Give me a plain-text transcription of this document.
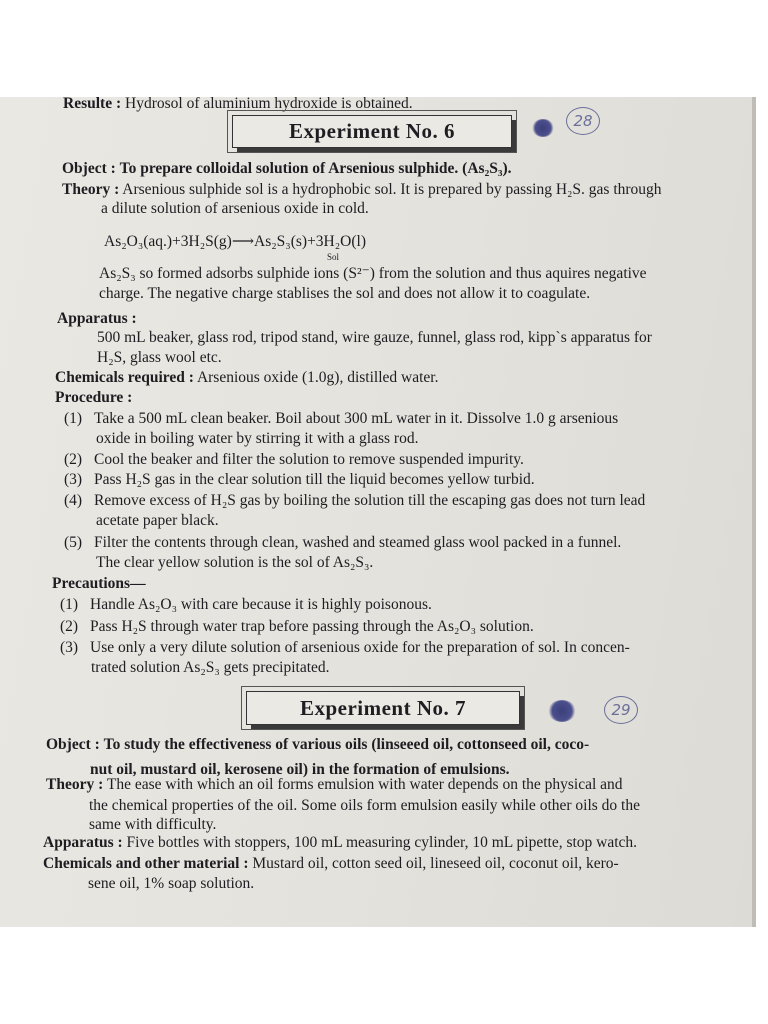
Resulte : Hydrosol of aluminium hydroxide is obtained.
Experiment No. 6	28
Object : To prepare colloidal solution of Arsenious sulphide. (As₂S₃).
Theory : Arsenious sulphide sol is a hydrophobic sol. It is prepared by passing H₂S. gas through
a dilute solution of arsenious oxide in cold.
As₂O₃(aq.)+3H₂S(g)⟶As₂S₃(s)+3H₂O(l)
Sol
As₂S₃ so formed adsorbs sulphide ions (S²⁻) from the solution and thus aquires negative
charge. The negative charge stablises the sol and does not allow it to coagulate.
Apparatus :
500 mL beaker, glass rod, tripod stand, wire gauze, funnel, glass rod, kipp`s apparatus for
H₂S, glass wool etc.
Chemicals required : Arsenious oxide (1.0g), distilled water.
Procedure :
(1) Take a 500 mL clean beaker. Boil about 300 mL water in it. Dissolve 1.0 g arsenious
oxide in boiling water by stirring it with a glass rod.
(2) Cool the beaker and filter the solution to remove suspended impurity.
(3) Pass H₂S gas in the clear solution till the liquid becomes yellow turbid.
(4) Remove excess of H₂S gas by boiling the solution till the escaping gas does not turn lead
acetate paper black.
(5) Filter the contents through clean, washed and steamed glass wool packed in a funnel.
The clear yellow solution is the sol of As₂S₃.
Precautions—
(1) Handle As₂O₃ with care because it is highly poisonous.
(2) Pass H₂S through water trap before passing through the As₂O₃ solution.
(3) Use only a very dilute solution of arsenious oxide for the preparation of sol. In concen-
trated solution As₂S₃ gets precipitated.
Experiment No. 7	29
Object : To study the effectiveness of various oils (linseeed oil, cottonseed oil, coco-
nut oil, mustard oil, kerosene oil) in the formation of emulsions.
Theory : The ease with which an oil forms emulsion with water depends on the physical and
the chemical properties of the oil. Some oils form emulsion easily while other oils do the
same with difficulty.
Apparatus : Five bottles with stoppers, 100 mL measuring cylinder, 10 mL pipette, stop watch.
Chemicals and other material : Mustard oil, cotton seed oil, lineseed oil, coconut oil, kero-
sene oil, 1% soap solution.
